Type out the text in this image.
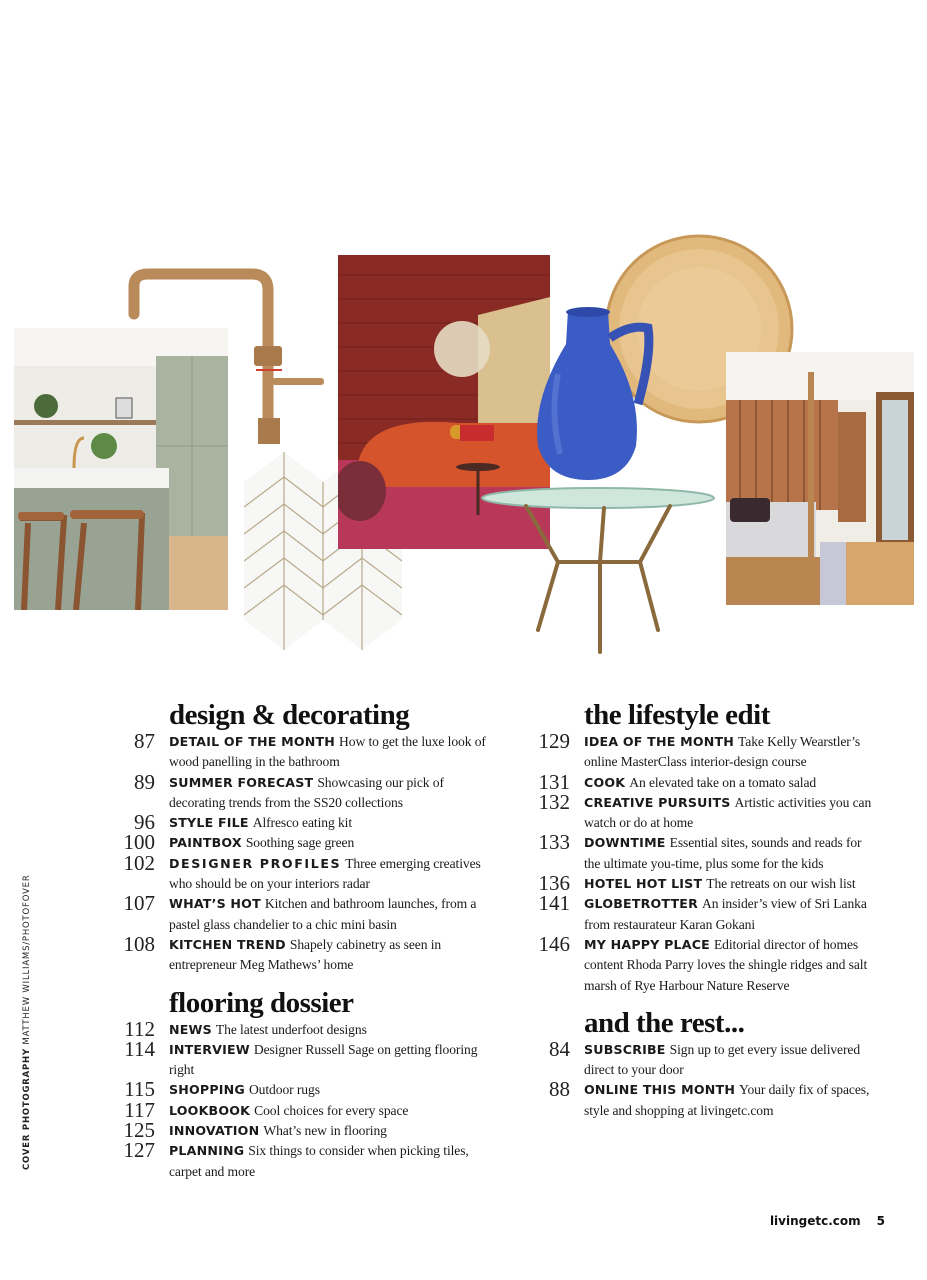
design & decorating
87 DETAIL OF THE MONTH How to get the luxe look of wood panelling in the bathroom
89 SUMMER FORECAST Showcasing our pick of decorating trends from the SS20 collections
96 STYLE FILE Alfresco eating kit
100 PAINTBOX Soothing sage green
102 DESIGNER PROFILES Three emerging creatives who should be on your interiors radar
107 WHAT’S HOT Kitchen and bathroom launches, from a pastel glass chandelier to a chic mini basin
108 KITCHEN TREND Shapely cabinetry as seen in entrepreneur Meg Mathews’ home
flooring dossier
112 NEWS The latest underfoot designs
114 INTERVIEW Designer Russell Sage on getting flooring right
115 SHOPPING Outdoor rugs
117 LOOKBOOK Cool choices for every space
125 INNOVATION What’s new in flooring
127 PLANNING Six things to consider when picking tiles, carpet and more
the lifestyle edit
129 IDEA OF THE MONTH Take Kelly Wearstler’s online MasterClass interior-design course
131 COOK An elevated take on a tomato salad
132 CREATIVE PURSUITS Artistic activities you can watch or do at home
133 DOWNTIME Essential sites, sounds and reads for the ultimate you-time, plus some for the kids
136 HOTEL HOT LIST The retreats on our wish list
141 GLOBETROTTER An insider’s view of Sri Lanka from restaurateur Karan Gokani
146 MY HAPPY PLACE Editorial director of homes content Rhoda Parry loves the shingle ridges and salt marsh of Rye Harbour Nature Reserve
and the rest...
84 SUBSCRIBE Sign up to get every issue delivered direct to your door
88 ONLINE THIS MONTH Your daily fix of spaces, style and shopping at livingetc.com
COVER PHOTOGRAPHY MATTHEW WILLIAMS/PHOTOFOVER
livingetc.com 5
